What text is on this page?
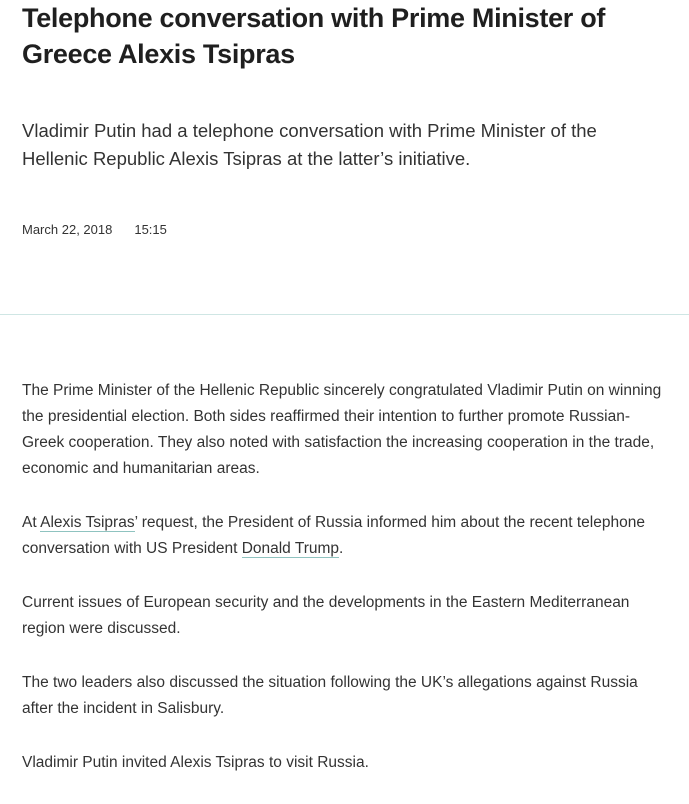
Telephone conversation with Prime Minister of Greece Alexis Tsipras

Vladimir Putin had a telephone conversation with Prime Minister of the Hellenic Republic Alexis Tsipras at the latter’s initiative.

March 22, 2018 15:15

The Prime Minister of the Hellenic Republic sincerely congratulated Vladimir Putin on winning the presidential election. Both sides reaffirmed their intention to further promote Russian-Greek cooperation. They also noted with satisfaction the increasing cooperation in the trade, economic and humanitarian areas.

At Alexis Tsipras’ request, the President of Russia informed him about the recent telephone conversation with US President Donald Trump.

Current issues of European security and the developments in the Eastern Mediterranean region were discussed.

The two leaders also discussed the situation following the UK’s allegations against Russia after the incident in Salisbury.

Vladimir Putin invited Alexis Tsipras to visit Russia.
